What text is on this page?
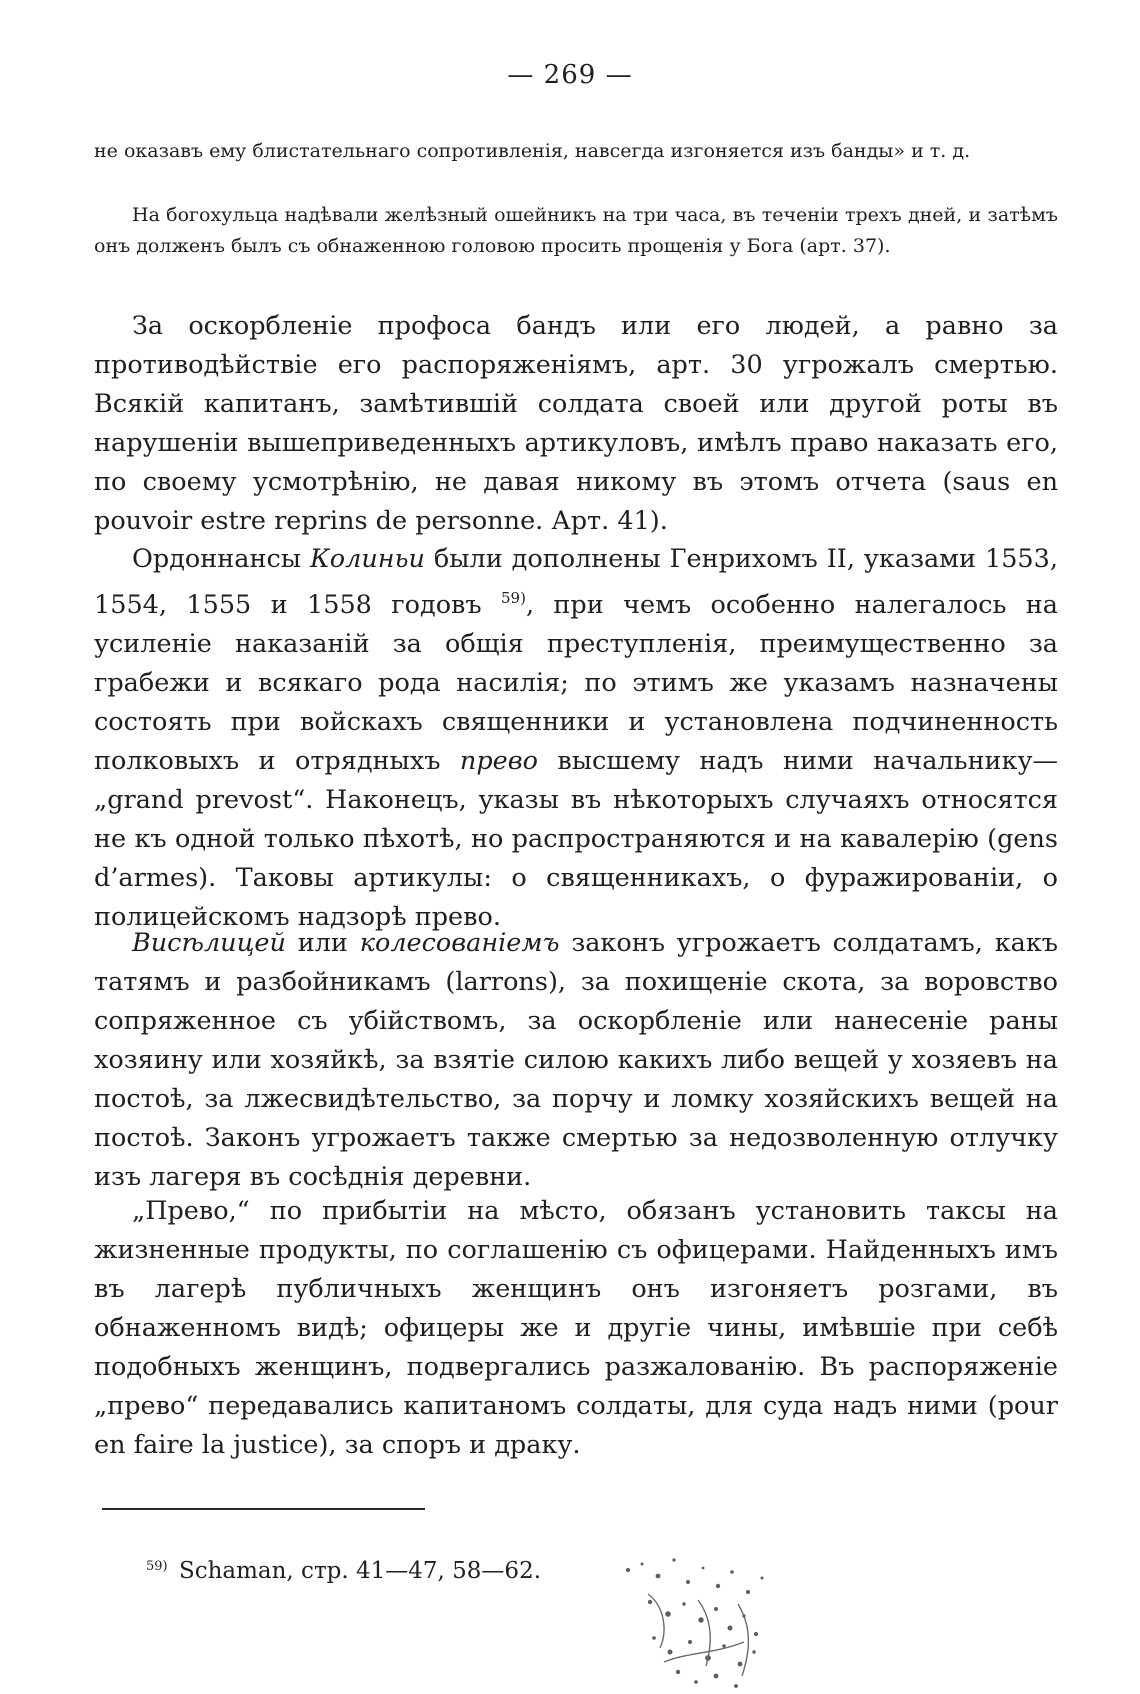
— 269 —
не оказавъ ему блистательнаго сопротивленія, навсегда изгоняется изъ банды» и т. д.
На богохульца надѣвали желѣзный ошейникъ на три часа, въ теченіи трехъ дней, и затѣмъ онъ долженъ былъ съ обнаженною головою просить прощенія у Бога (арт. 37).
За оскорбленіе профоса бандъ или его людей, а равно за противодѣйствіе его распоряженіямъ, арт. 30 угрожалъ смертью. Всякій капитанъ, замѣтившій солдата своей или другой роты въ нарушеніи вышеприведенныхъ артикуловъ, имѣлъ право наказать его, по своему усмотрѣнію, не давая никому въ этомъ отчета (saus en pouvoir estre reprins de personne. Арт. 41).
Ордоннансы Колиньи были дополнены Генрихомъ II, указами 1553, 1554, 1555 и 1558 годовъ $^{59)}$, при чемъ особенно налегалось на усиленіе наказаній за общія преступленія, преимущественно за грабежи и всякаго рода насилія; по этимъ же указамъ назначены состоять при войскахъ священники и установлена подчиненность полковыхъ и отрядныхъ прево высшему надъ ними начальнику—„grand prevost“. Наконецъ, указы въ нѣкоторыхъ случаяхъ относятся не къ одной только пѣхотѣ, но распространяются и на кавалерію (gens d’armes). Таковы артикулы: о священникахъ, о фуражированіи, о полицейскомъ надзорѣ прево.
Висѣлицей или колесованіемъ законъ угрожаетъ солдатамъ, какъ татямъ и разбойникамъ (larrons), за похищеніе скота, за воровство сопряженное съ убійствомъ, за оскорбленіе или нанесеніе раны хозяину или хозяйкѣ, за взятіе силою какихъ либо вещей у хозяевъ на постоѣ, за лжесвидѣтельство, за порчу и ломку хозяйскихъ вещей на постоѣ. Законъ угрожаетъ также смертью за недозволенную отлучку изъ лагеря въ сосѣднія деревни.
„Прево,“ по прибытіи на мѣсто, обязанъ установить таксы на жизненные продукты, по соглашенію съ офицерами. Найденныхъ имъ въ лагерѣ публичныхъ женщинъ онъ изгоняетъ розгами, въ обнаженномъ видѣ; офицеры же и другіе чины, имѣвшіе при себѣ подобныхъ женщинъ, подвергались разжалованію. Въ распоряженіе „прево“ передавались капитаномъ солдаты, для суда надъ ними (pour en faire la justice), за споръ и драку.
$^{59)}$ Schaman, стр. 41—47, 58—62.
